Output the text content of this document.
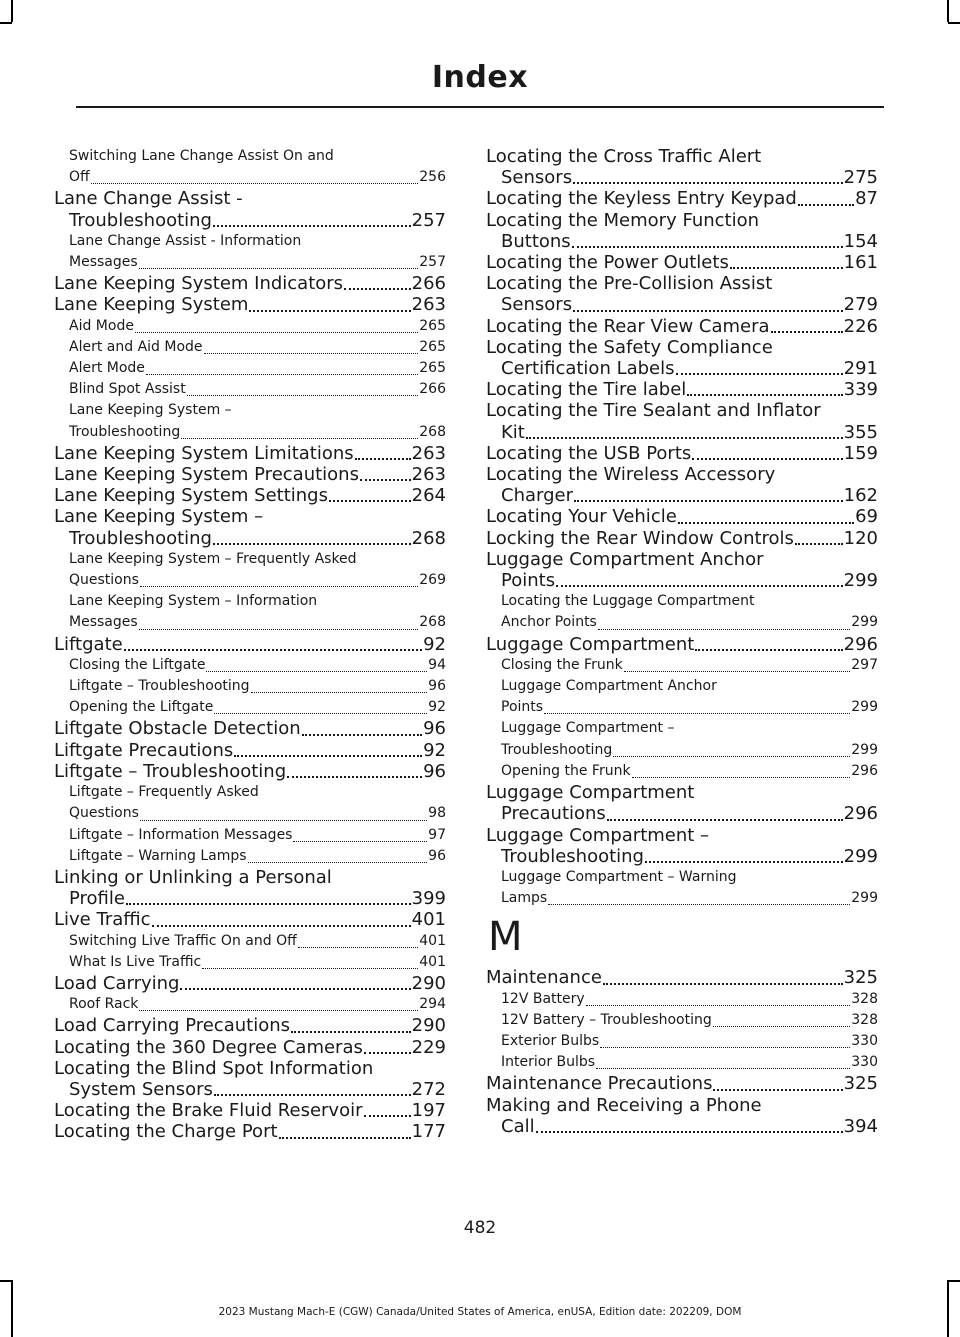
Index
Switching Lane Change Assist On and
Off	256
Lane Change Assist -
Troubleshooting	257
Lane Change Assist - Information
Messages	257
Lane Keeping System Indicators	266
Lane Keeping System	263
Aid Mode	265
Alert and Aid Mode	265
Alert Mode	265
Blind Spot Assist	266
Lane Keeping System –
Troubleshooting	268
Lane Keeping System Limitations	263
Lane Keeping System Precautions	263
Lane Keeping System Settings	264
Lane Keeping System –
Troubleshooting	268
Lane Keeping System – Frequently Asked
Questions	269
Lane Keeping System – Information
Messages	268
Liftgate	92
Closing the Liftgate	94
Liftgate – Troubleshooting	96
Opening the Liftgate	92
Liftgate Obstacle Detection	96
Liftgate Precautions	92
Liftgate – Troubleshooting	96
Liftgate – Frequently Asked
Questions	98
Liftgate – Information Messages	97
Liftgate – Warning Lamps	96
Linking or Unlinking a Personal
Profile	399
Live Traffic	401
Switching Live Traffic On and Off	401
What Is Live Traffic	401
Load Carrying	290
Roof Rack	294
Load Carrying Precautions	290
Locating the 360 Degree Cameras	229
Locating the Blind Spot Information
System Sensors	272
Locating the Brake Fluid Reservoir	197
Locating the Charge Port	177
Locating the Cross Traffic Alert
Sensors	275
Locating the Keyless Entry Keypad	87
Locating the Memory Function
Buttons	154
Locating the Power Outlets	161
Locating the Pre-Collision Assist
Sensors	279
Locating the Rear View Camera	226
Locating the Safety Compliance
Certification Labels	291
Locating the Tire label	339
Locating the Tire Sealant and Inflator
Kit	355
Locating the USB Ports	159
Locating the Wireless Accessory
Charger	162
Locating Your Vehicle	69
Locking the Rear Window Controls	120
Luggage Compartment Anchor
Points	299
Locating the Luggage Compartment
Anchor Points	299
Luggage Compartment	296
Closing the Frunk	297
Luggage Compartment Anchor
Points	299
Luggage Compartment –
Troubleshooting	299
Opening the Frunk	296
Luggage Compartment
Precautions	296
Luggage Compartment –
Troubleshooting	299
Luggage Compartment – Warning
Lamps	299
M
Maintenance	325
12V Battery	328
12V Battery – Troubleshooting	328
Exterior Bulbs	330
Interior Bulbs	330
Maintenance Precautions	325
Making and Receiving a Phone
Call	394
482
2023 Mustang Mach-E (CGW) Canada/United States of America, enUSA, Edition date: 202209, DOM
